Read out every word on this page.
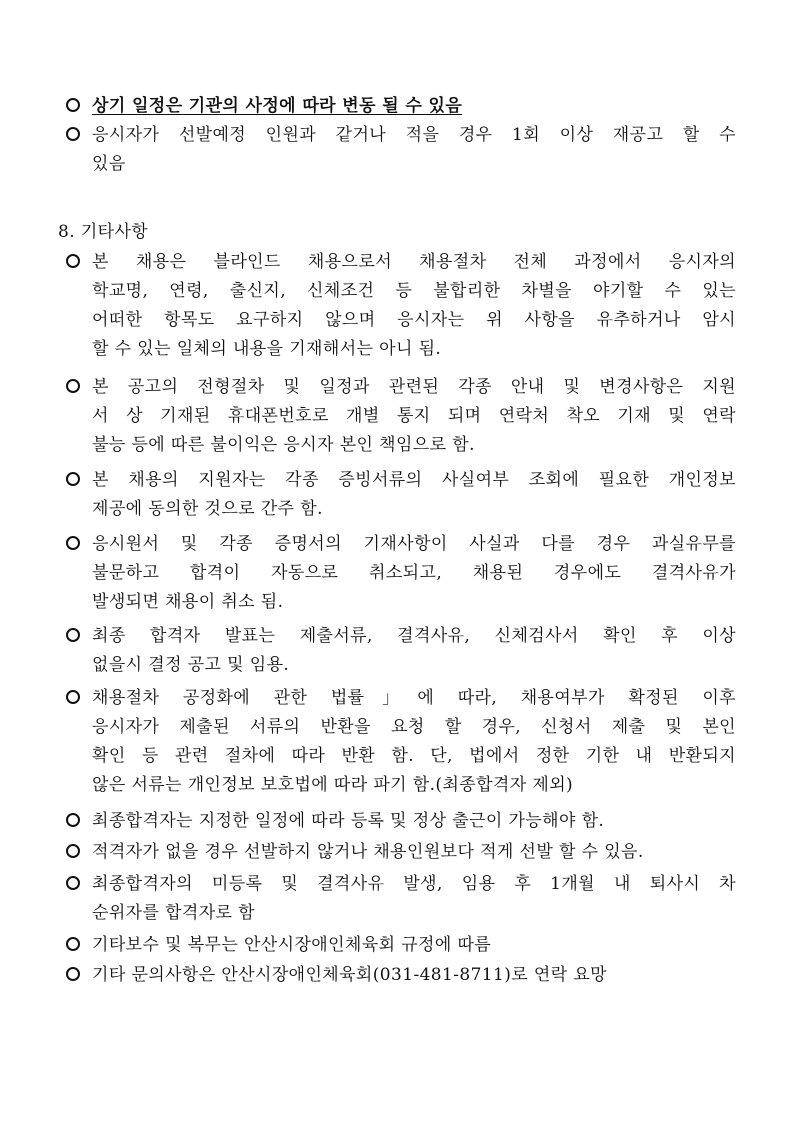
상기 일정은 기관의 사정에 따라 변동 될 수 있음
응시자가 선발예정 인원과 같거나 적을 경우 1회 이상 재공고 할 수
있음
8. 기타사항
본 채용은 블라인드 채용으로서 채용절차 전체 과정에서 응시자의
학교명, 연령, 출신지, 신체조건 등 불합리한 차별을 야기할 수 있는
어떠한 항목도 요구하지 않으며 응시자는 위 사항을 유추하거나 암시
할 수 있는 일체의 내용을 기재해서는 아니 됨.
본 공고의 전형절차 및 일정과 관련된 각종 안내 및 변경사항은 지원
서 상 기재된 휴대폰번호로 개별 통지 되며 연락처 착오 기재 및 연락
불능 등에 따른 불이익은 응시자 본인 책임으로 함.
본 채용의 지원자는 각종 증빙서류의 사실여부 조회에 필요한 개인정보
제공에 동의한 것으로 간주 함.
응시원서 및 각종 증명서의 기재사항이 사실과 다를 경우 과실유무를
불문하고 합격이 자동으로 취소되고, 채용된 경우에도 결격사유가
발생되면 채용이 취소 됨.
최종 합격자 발표는 제출서류, 결격사유, 신체검사서 확인 후 이상
없을시 결정 공고 및 임용.
채용절차 공정화에 관한 법률」에 따라, 채용여부가 확정된 이후
응시자가 제출된 서류의 반환을 요청 할 경우, 신청서 제출 및 본인
확인 등 관련 절차에 따라 반환 함. 단, 법에서 정한 기한 내 반환되지
않은 서류는 개인정보 보호법에 따라 파기 함.(최종합격자 제외)
최종합격자는 지정한 일정에 따라 등록 및 정상 출근이 가능해야 함.
적격자가 없을 경우 선발하지 않거나 채용인원보다 적게 선발 할 수 있음.
최종합격자의 미등록 및 결격사유 발생, 임용 후 1개월 내 퇴사시 차
순위자를 합격자로 함
기타보수 및 복무는 안산시장애인체육회 규정에 따름
기타 문의사항은 안산시장애인체육회(031-481-8711)로 연락 요망
